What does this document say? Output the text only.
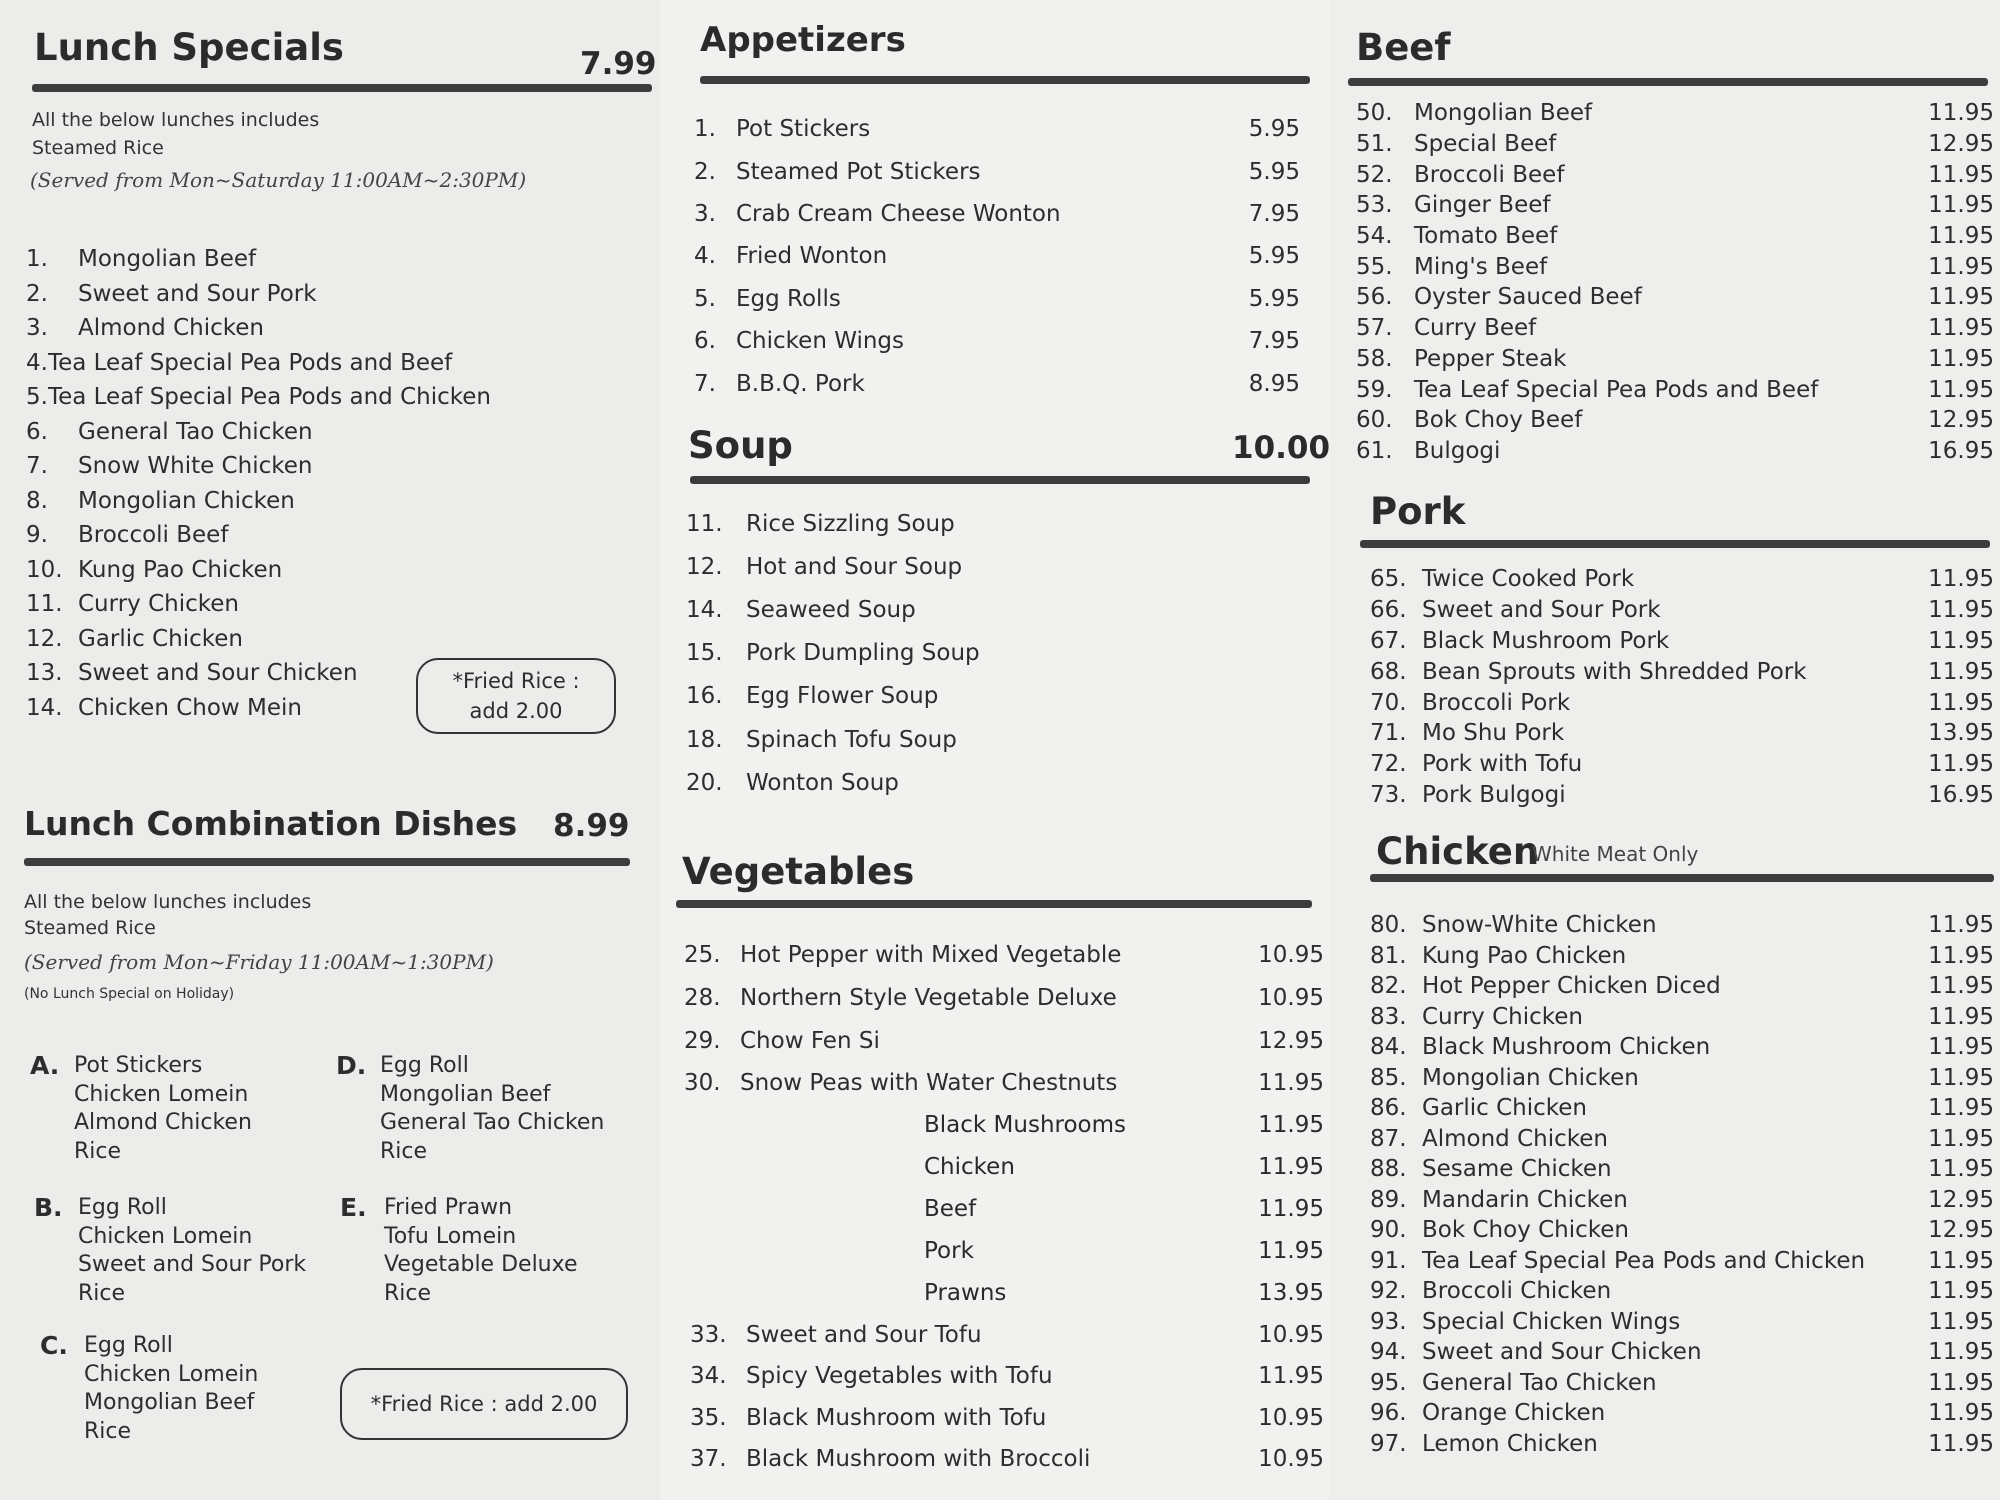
Lunch Specials	7.99
All the below lunches includes
Steamed Rice
(Served from Mon~Saturday 11:00AM~2:30PM)
1.	Mongolian Beef
2.	Sweet and Sour Pork
3.	Almond Chicken
4. Tea Leaf Special Pea Pods and Beef
5. Tea Leaf Special Pea Pods and Chicken
6.	General Tao Chicken
7.	Snow White Chicken
8.	Mongolian Chicken
9.	Broccoli Beef
10. Kung Pao Chicken
11. Curry Chicken
12. Garlic Chicken
13. Sweet and Sour Chicken
14. Chicken Chow Mein
*Fried Rice :
add 2.00
Lunch Combination Dishes 8.99
All the below lunches includes
Steamed Rice
(Served from Mon~Friday 11:00AM~1:30PM)
(No Lunch Special on Holiday)
A. Pot Stickers
Chicken Lomein
Almond Chicken
Rice
B. Egg Roll
Chicken Lomein
Sweet and Sour Pork
Rice
C. Egg Roll
Chicken Lomein
Mongolian Beef
Rice
D. Egg Roll
Mongolian Beef
General Tao Chicken
Rice
E. Fried Prawn
Tofu Lomein
Vegetable Deluxe
Rice
*Fried Rice : add 2.00
Appetizers
1. Pot Stickers	5.95
2. Steamed Pot Stickers	5.95
3. Crab Cream Cheese Wonton	7.95
4. Fried Wonton	5.95
5. Egg Rolls	5.95
6. Chicken Wings	7.95
7. B.B.Q. Pork	8.95
Soup	10.00
11.	Rice Sizzling Soup
12.	Hot and Sour Soup
14.	Seaweed Soup
15.	Pork Dumpling Soup
16.	Egg Flower Soup
18.	Spinach Tofu Soup
20.	Wonton Soup
Vegetables
25. Hot Pepper with Mixed Vegetable	10.95
28. Northern Style Vegetable Deluxe	10.95
29. Chow Fen Si	12.95
30. Snow Peas with Water Chestnuts	11.95
Black Mushrooms	11.95
Chicken	11.95
Beef	11.95
Pork	11.95
Prawns	13.95
33. Sweet and Sour Tofu	10.95
34. Spicy Vegetables with Tofu	11.95
35. Black Mushroom with Tofu	10.95
37. Black Mushroom with Broccoli	10.95
Beef
50. Mongolian Beef	11.95
51. Special Beef	12.95
52. Broccoli Beef	11.95
53. Ginger Beef	11.95
54. Tomato Beef	11.95
55. Ming's Beef	11.95
56. Oyster Sauced Beef	11.95
57. Curry Beef	11.95
58. Pepper Steak	11.95
59. Tea Leaf Special Pea Pods and Beef	11.95
60. Bok Choy Beef	12.95
61. Bulgogi	16.95
Pork
65. Twice Cooked Pork	11.95
66. Sweet and Sour Pork	11.95
67. Black Mushroom Pork	11.95
68. Bean Sprouts with Shredded Pork	11.95
70. Broccoli Pork	11.95
71. Mo Shu Pork	13.95
72. Pork with Tofu	11.95
73. Pork Bulgogi	16.95
Chicken
White Meat Only
80. Snow-White Chicken	11.95
81. Kung Pao Chicken	11.95
82. Hot Pepper Chicken Diced	11.95
83. Curry Chicken	11.95
84. Black Mushroom Chicken	11.95
85. Mongolian Chicken	11.95
86. Garlic Chicken	11.95
87. Almond Chicken	11.95
88. Sesame Chicken	11.95
89. Mandarin Chicken	12.95
90. Bok Choy Chicken	12.95
91. Tea Leaf Special Pea Pods and Chicken	11.95
92. Broccoli Chicken	11.95
93. Special Chicken Wings	11.95
94. Sweet and Sour Chicken	11.95
95. General Tao Chicken	11.95
96. Orange Chicken	11.95
97. Lemon Chicken	11.95
